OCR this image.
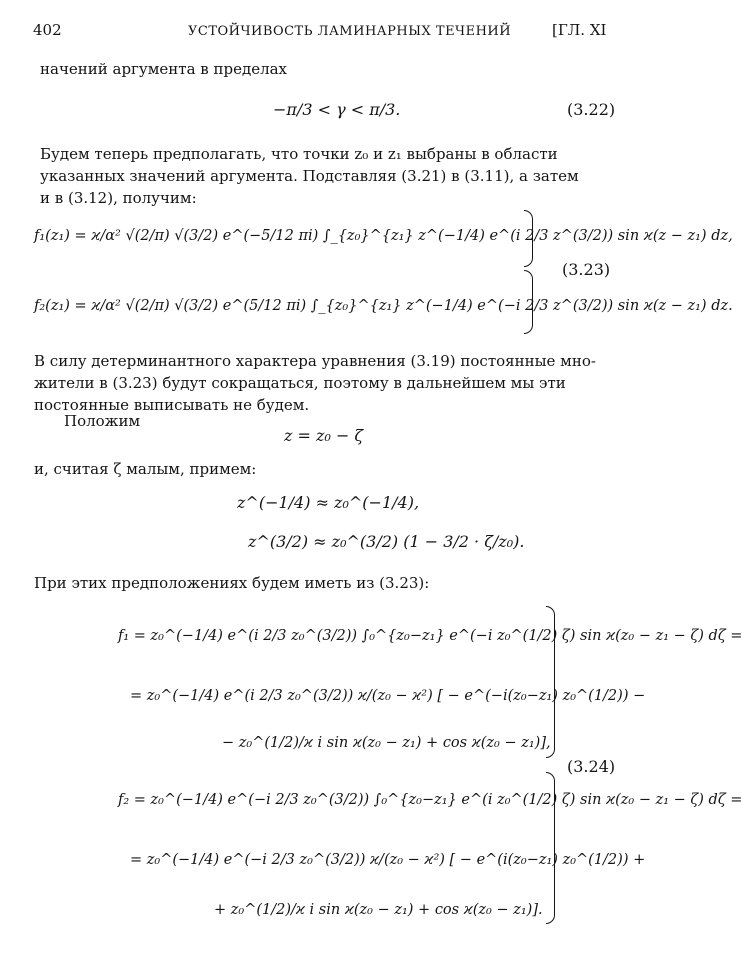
402	УСТОЙЧИВОСТЬ ЛАМИНАРНЫХ ТЕЧЕНИЙ	[ГЛ. XI
начений аргумента в пределах
−π/3 < γ < π/3.	(3.22)
Будем теперь предполагать, что точки z₀ и z₁ выбраны в области
указанных значений аргумента. Подставляя (3.21) в (3.11), а затем
и в (3.12), получим:
f₁(z₁) = ϰ/α² √(2/π) √(3/2) e^(−5/12 πi) ∫_{z₀}^{z₁} z^(−1/4) e^(i 2/3 z^(3/2)) sin ϰ(z − z₁) dz,
f₂(z₁) = ϰ/α² √(2/π) √(3/2) e^(5/12 πi) ∫_{z₀}^{z₁} z^(−1/4) e^(−i 2/3 z^(3/2)) sin ϰ(z − z₁) dz.
(3.23)
В силу детерминантного характера уравнения (3.19) постоянные мно-
жители в (3.23) будут сокращаться, поэтому в дальнейшем мы эти
постоянные выписывать не будем.
Положим
z = z₀ − ζ
и, считая ζ малым, примем:
z^(−1/4) ≈ z₀^(−1/4),
z^(3/2) ≈ z₀^(3/2) (1 − 3/2 · ζ/z₀).
При этих предположениях будем иметь из (3.23):
f₁ = z₀^(−1/4) e^(i 2/3 z₀^(3/2)) ∫₀^{z₀−z₁} e^(−i z₀^(1/2) ζ) sin ϰ(z₀ − z₁ − ζ) dζ =
= z₀^(−1/4) e^(i 2/3 z₀^(3/2)) ϰ/(z₀ − ϰ²) [ − e^(−i(z₀−z₁) z₀^(1/2)) −
− z₀^(1/2)/ϰ i sin ϰ(z₀ − z₁) + cos ϰ(z₀ − z₁)],
f₂ = z₀^(−1/4) e^(−i 2/3 z₀^(3/2)) ∫₀^{z₀−z₁} e^(i z₀^(1/2) ζ) sin ϰ(z₀ − z₁ − ζ) dζ =
= z₀^(−1/4) e^(−i 2/3 z₀^(3/2)) ϰ/(z₀ − ϰ²) [ − e^(i(z₀−z₁) z₀^(1/2)) +
+ z₀^(1/2)/ϰ i sin ϰ(z₀ − z₁) + cos ϰ(z₀ − z₁)].
(3.24)
